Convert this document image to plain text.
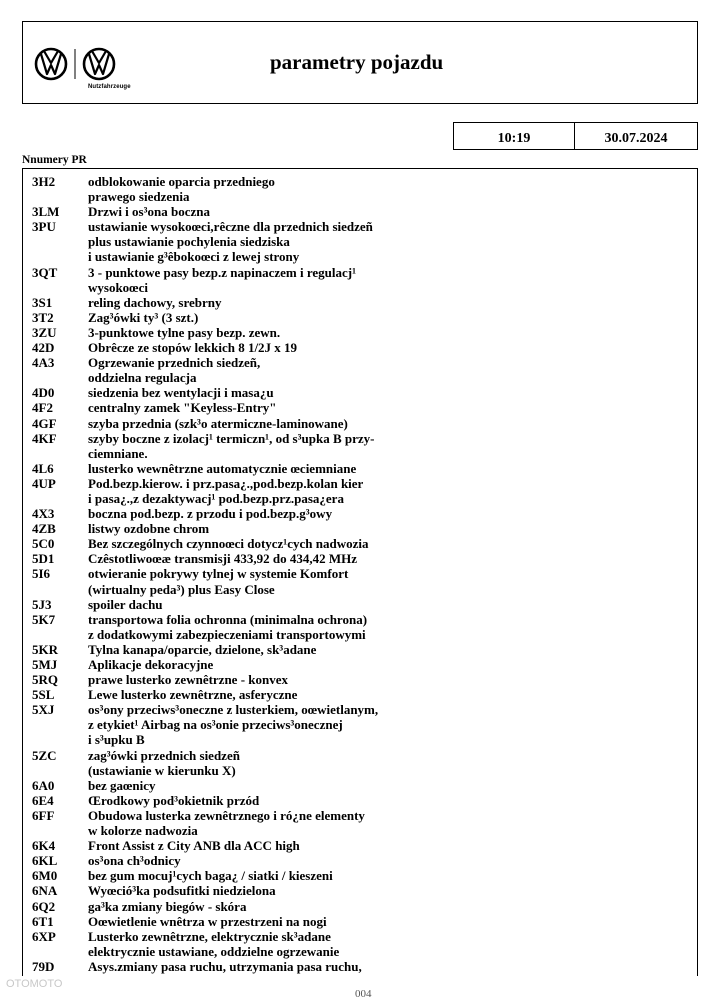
Nutzfahrzeuge
parametry pojazdu
10:19	30.07.2024
Nnumery PR
3H2	odblokowanie oparcia przedniego
prawego siedzenia
3LM	Drzwi i os³ona boczna
3PU	ustawianie wysokoœci,rêczne dla przednich siedzeñ
plus ustawianie pochylenia siedziska
i ustawianie g³êbokoœci z lewej strony
3QT	3 - punktowe pasy bezp.z napinaczem i regulacj¹
wysokoœci
3S1	reling dachowy, srebrny
3T2	Zag³ówki ty³ (3 szt.)
3ZU	3-punktowe tylne pasy bezp. zewn.
42D	Obrêcze ze stopów lekkich 8 1/2J x 19
4A3	Ogrzewanie przednich siedzeñ,
oddzielna regulacja
4D0	siedzenia bez wentylacji i masa¿u
4F2	centralny zamek "Keyless-Entry"
4GF	szyba przednia (szk³o atermiczne-laminowane)
4KF	szyby boczne z izolacj¹ termiczn¹, od s³upka B przy-
ciemniane.
4L6	lusterko wewnêtrzne automatycznie œciemniane
4UP	Pod.bezp.kierow. i prz.pasa¿.,pod.bezp.kolan kier
i pasa¿.,z dezaktywacj¹ pod.bezp.prz.pasa¿era
4X3	boczna pod.bezp. z przodu i pod.bezp.g³owy
4ZB	listwy ozdobne chrom
5C0	Bez szczególnych czynnoœci dotycz¹cych nadwozia
5D1	Czêstotliwoœæ transmisji 433,92 do 434,42 MHz
5I6	otwieranie pokrywy tylnej w systemie Komfort
(wirtualny peda³) plus Easy Close
5J3	spoiler dachu
5K7	transportowa folia ochronna (minimalna ochrona)
z dodatkowymi zabezpieczeniami transportowymi
5KR	Tylna kanapa/oparcie, dzielone, sk³adane
5MJ	Aplikacje dekoracyjne
5RQ	prawe lusterko zewnêtrzne - konvex
5SL	Lewe lusterko zewnêtrzne, asferyczne
5XJ	os³ony przeciws³oneczne z lusterkiem, oœwietlanym,
z etykiet¹ Airbag na os³onie przeciws³onecznej
i s³upku B
5ZC	zag³ówki przednich siedzeñ
(ustawianie w kierunku X)
6A0	bez gaœnicy
6E4	Œrodkowy pod³okietnik przód
6FF	Obudowa lusterka zewnêtrznego i ró¿ne elementy
w kolorze nadwozia
6K4	Front Assist z City ANB dla ACC high
6KL	os³ona ch³odnicy
6M0	bez gum mocuj¹cych baga¿ / siatki / kieszeni
6NA	Wyœció³ka podsufitki niedzielona
6Q2	ga³ka zmiany biegów - skóra
6T1	Oœwietlenie wnêtrza w przestrzeni na nogi
6XP	Lusterko zewnêtrzne, elektrycznie sk³adane
elektrycznie ustawiane, oddzielne ogrzewanie
79D	Asys.zmiany pasa ruchu, utrzymania pasa ruchu,
OTOMOTO
004
